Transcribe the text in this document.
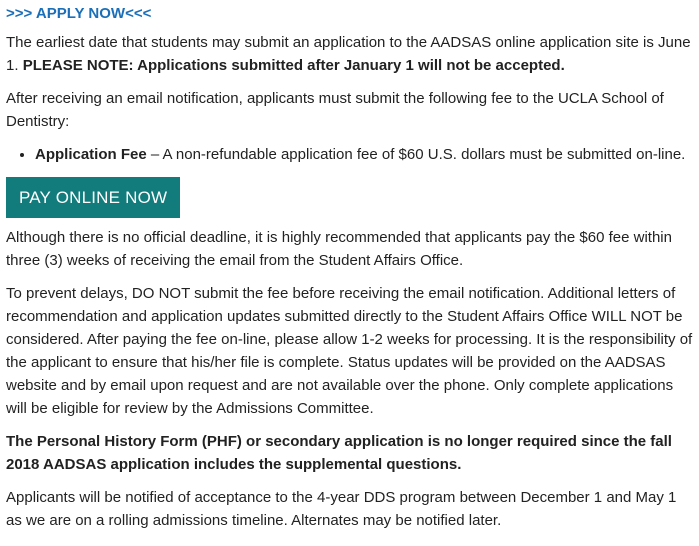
>>> APPLY NOW<<<

The earliest date that students may submit an application to the AADSAS online application site is June 1. PLEASE NOTE: Applications submitted after January 1 will not be accepted.

After receiving an email notification, applicants must submit the following fee to the UCLA School of Dentistry:

• Application Fee – A non-refundable application fee of $60 U.S. dollars must be submitted on-line.
PAY ONLINE NOW

Although there is no official deadline, it is highly recommended that applicants pay the $60 fee within three (3) weeks of receiving the email from the Student Affairs Office.

To prevent delays, DO NOT submit the fee before receiving the email notification. Additional letters of recommendation and application updates submitted directly to the Student Affairs Office WILL NOT be considered. After paying the fee on-line, please allow 1-2 weeks for processing. It is the responsibility of the applicant to ensure that his/her file is complete. Status updates will be provided on the AADSAS website and by email upon request and are not available over the phone. Only complete applications will be eligible for review by the Admissions Committee.

The Personal History Form (PHF) or secondary application is no longer required since the fall 2018 AADSAS application includes the supplemental questions.

Applicants will be notified of acceptance to the 4-year DDS program between December 1 and May 1 as we are on a rolling admissions timeline. Alternates may be notified later.
